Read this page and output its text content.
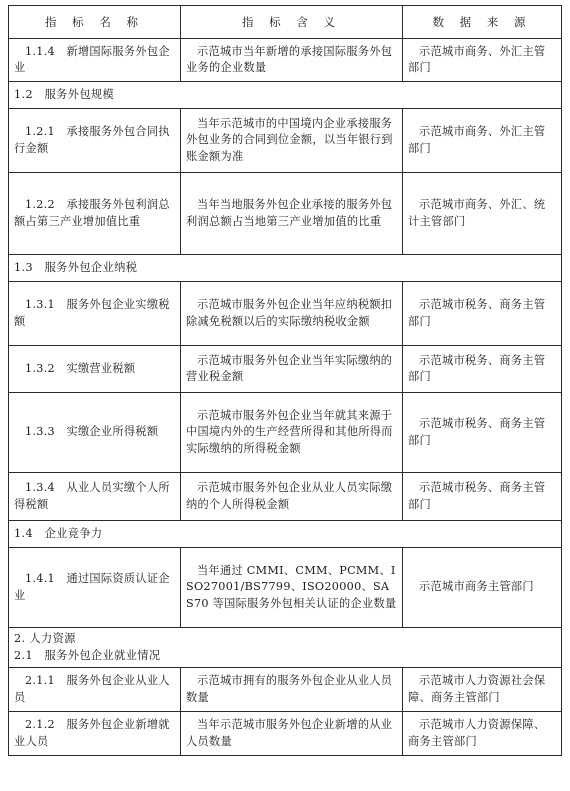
指 标 名 称	指 标 含 义	数 据 来 源
1.1.4　新增国际服务外包企业	示范城市当年新增的承接国际服务外包业务的企业数量	示范城市商务、外汇主管部门

1.2　服务外包规模		

1.2.1　承接服务外包合同执行金额	当年示范城市的中国境内企业承接服务外包业务的合同到位金额，以当年银行到账金额为准	示范城市商务、外汇主管部门
1.2.2　承接服务外包利润总额占第三产业增加值比重	当年当地服务外包企业承接的服务外包利润总额占当地第三产业增加值的比重	示范城市商务、外汇、统计主管部门

1.3　服务外包企业纳税		

1.3.1　服务外包企业实缴税额	示范城市服务外包企业当年应纳税额扣除减免税额以后的实际缴纳税收金额	示范城市税务、商务主管部门
1.3.2　实缴营业税额	示范城市服务外包企业当年实际缴纳的营业税金额	示范城市税务、商务主管部门
1.3.3　实缴企业所得税额	示范城市服务外包企业当年就其来源于中国境内外的生产经营所得和其他所得而实际缴纳的所得税金额	示范城市税务、商务主管部门
1.3.4　从业人员实缴个人所得税额	示范城市服务外包企业从业人员实际缴纳的个人所得税金额	示范城市税务、商务主管部门

1.4　企业竞争力		

1.4.1　通过国际资质认证企业	当年通过 CMMI、CMM、PCMM、ISO27001/BS7799、ISO20000、SAS70 等国际服务外包相关认证的企业数量	示范城市商务主管部门

2. 人力资源
2.1　服务外包企业就业情况		

2.1.1　服务外包企业从业人员	示范城市拥有的服务外包企业从业人员数量	示范城市人力资源社会保障、商务主管部门
2.1.2　服务外包企业新增就业人员	当年示范城市服务外包企业新增的从业人员数量	示范城市人力资源保障、商务主管部门
